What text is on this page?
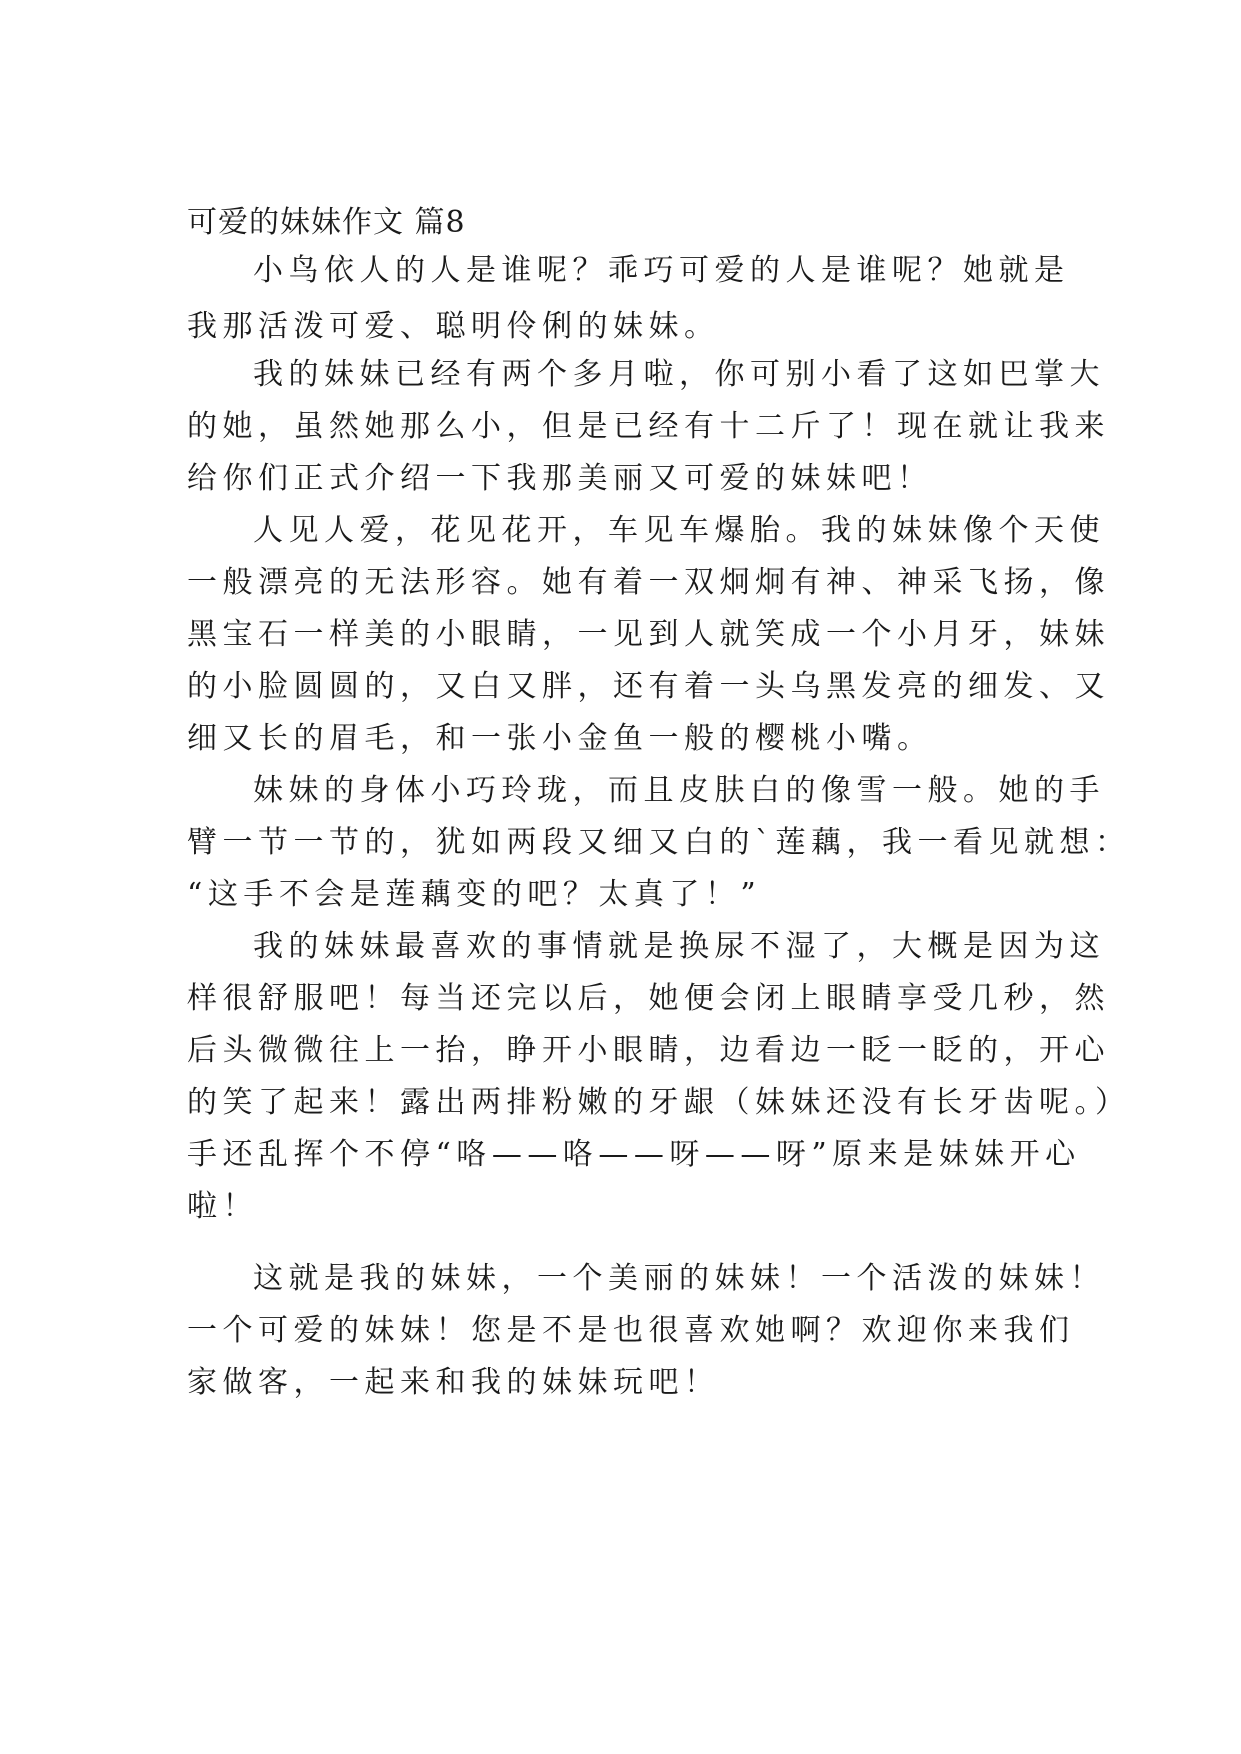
可爱的妹妹作文 篇8
小鸟依人的人是谁呢？乖巧可爱的人是谁呢？她就是
我那活泼可爱、聪明伶俐的妹妹。
我的妹妹已经有两个多月啦，你可别小看了这如巴掌大
的她，虽然她那么小，但是已经有十二斤了！现在就让我来
给你们正式介绍一下我那美丽又可爱的妹妹吧！
人见人爱，花见花开，车见车爆胎。我的妹妹像个天使
一般漂亮的无法形容。她有着一双炯炯有神、神采飞扬，像
黑宝石一样美的小眼睛，一见到人就笑成一个小月牙，妹妹
的小脸圆圆的，又白又胖，还有着一头乌黑发亮的细发、又
细又长的眉毛，和一张小金鱼一般的樱桃小嘴。
妹妹的身体小巧玲珑，而且皮肤白的像雪一般。她的手
臂一节一节的，犹如两段又细又白的`莲藕，我一看见就想：
“这手不会是莲藕变的吧？太真了！”
我的妹妹最喜欢的事情就是换尿不湿了，大概是因为这
样很舒服吧！每当还完以后，她便会闭上眼睛享受几秒，然
后头微微往上一抬，睁开小眼睛，边看边一眨一眨的，开心
的笑了起来！露出两排粉嫩的牙龈（妹妹还没有长牙齿呢。）
手还乱挥个不停“咯——咯——呀——呀”原来是妹妹开心
啦！
这就是我的妹妹，一个美丽的妹妹！一个活泼的妹妹！
一个可爱的妹妹！您是不是也很喜欢她啊？欢迎你来我们
家做客，一起来和我的妹妹玩吧！
